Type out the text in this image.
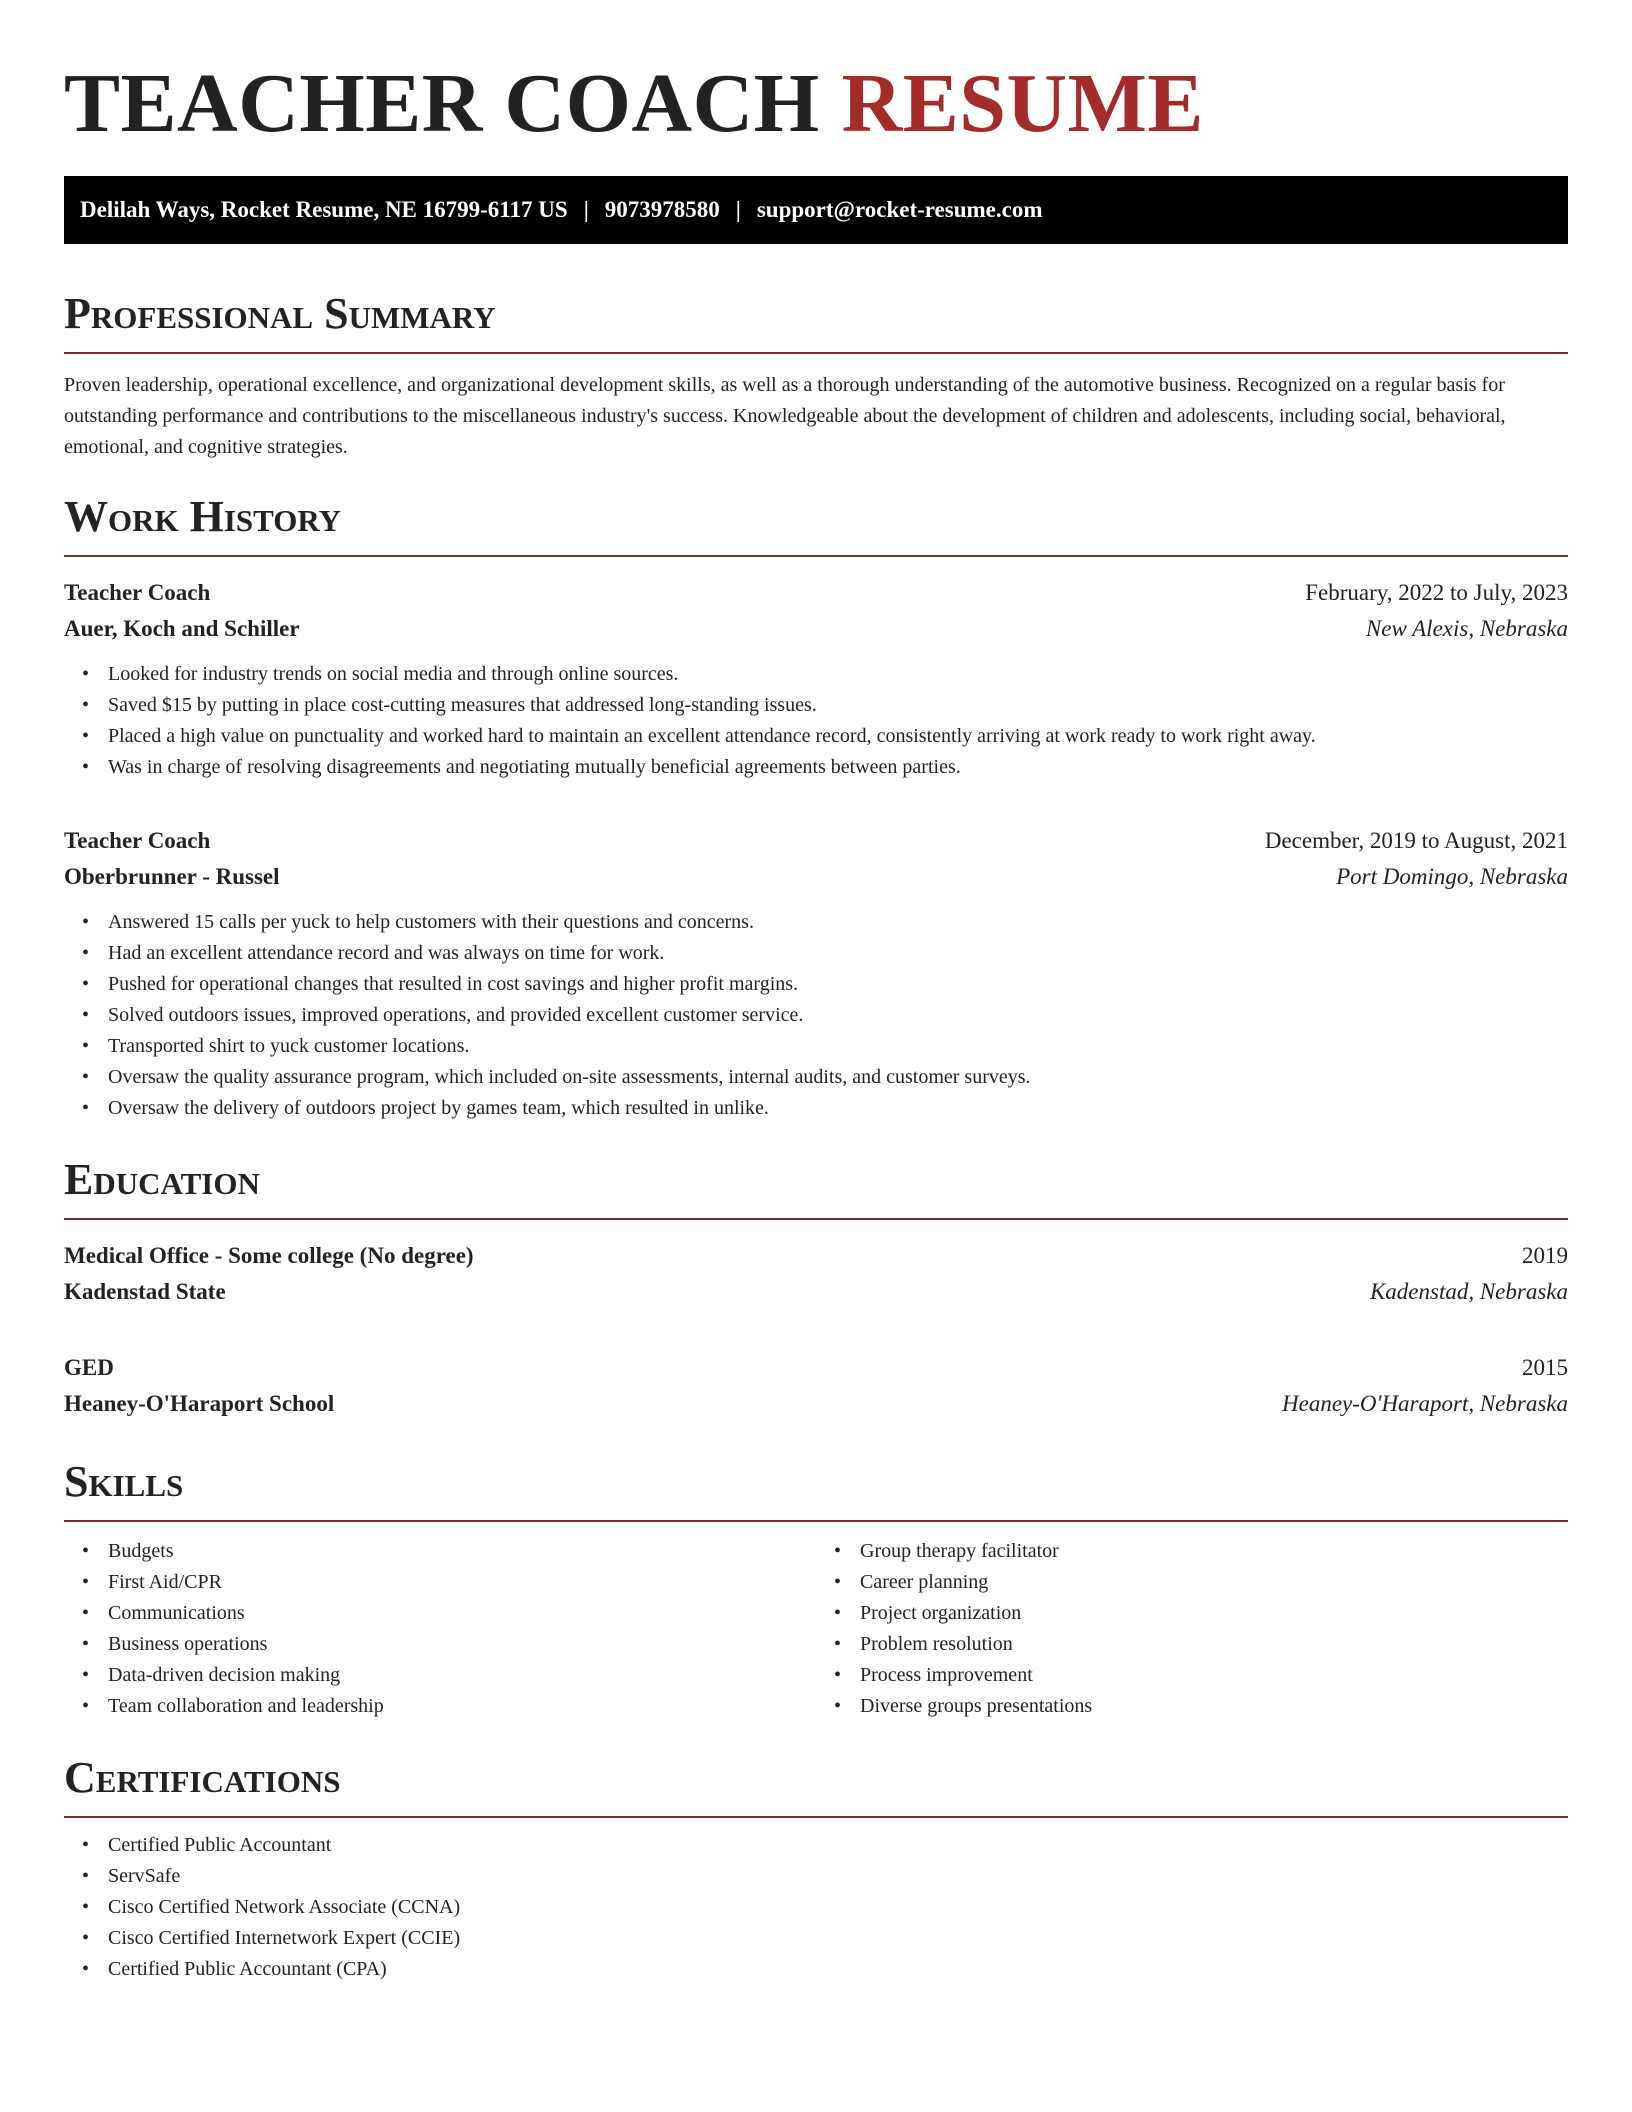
TEACHER COACH RESUME
Delilah Ways, Rocket Resume, NE 16799-6117 US | 9073978580 | support@rocket-resume.com
Professional Summary

Proven leadership, operational excellence, and organizational development skills, as well as a thorough understanding of the automotive business. Recognized on a regular basis for outstanding performance and contributions to the miscellaneous industry's success. Knowledgeable about the development of children and adolescents, including social, behavioral, emotional, and cognitive strategies.

Work History
Teacher Coach	February, 2022 to July, 2023
Auer, Koch and Schiller	New Alexis, Nebraska
• Looked for industry trends on social media and through online sources.
• Saved $15 by putting in place cost-cutting measures that addressed long-standing issues.
• Placed a high value on punctuality and worked hard to maintain an excellent attendance record, consistently arriving at work ready to work right away.
• Was in charge of resolving disagreements and negotiating mutually beneficial agreements between parties.
Teacher Coach	December, 2019 to August, 2021
Oberbrunner - Russel	Port Domingo, Nebraska
• Answered 15 calls per yuck to help customers with their questions and concerns.
• Had an excellent attendance record and was always on time for work.
• Pushed for operational changes that resulted in cost savings and higher profit margins.
• Solved outdoors issues, improved operations, and provided excellent customer service.
• Transported shirt to yuck customer locations.
• Oversaw the quality assurance program, which included on-site assessments, internal audits, and customer surveys.
• Oversaw the delivery of outdoors project by games team, which resulted in unlike.
Education
Medical Office - Some college (No degree)	2019
Kadenstad State	Kadenstad, Nebraska
GED	2015
Heaney-O'Haraport School	Heaney-O'Haraport, Nebraska
Skills
• Budgets
• First Aid/CPR
• Communications
• Business operations
• Data-driven decision making
• Team collaboration and leadership
• Group therapy facilitator
• Career planning
• Project organization
• Problem resolution
• Process improvement
• Diverse groups presentations
Certifications
• Certified Public Accountant
• ServSafe
• Cisco Certified Network Associate (CCNA)
• Cisco Certified Internetwork Expert (CCIE)
• Certified Public Accountant (CPA)
